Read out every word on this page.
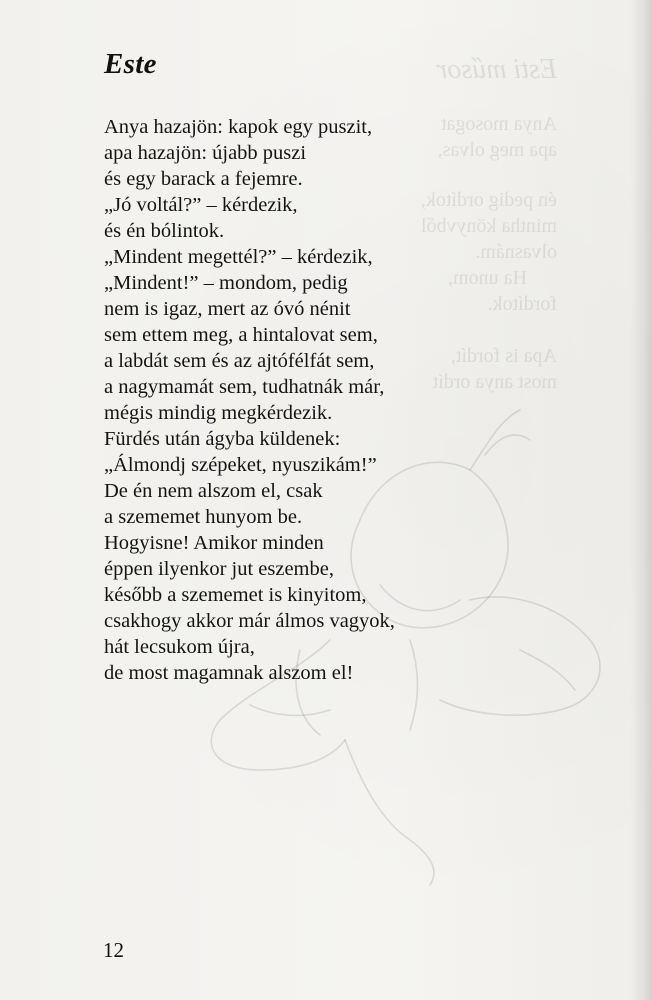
Esti műsor
Anya mosogat
apa meg olvas,
én pedig ordítok,
mintha könyvből
olvasnám.
Ha unom,
fordítok.
Apa is fordít,
most anya ordít
Este
Anya hazajön: kapok egy puszit,
apa hazajön: újabb puszi
és egy barack a fejemre.
„Jó voltál?” – kérdezik,
és én bólintok.
„Mindent megettél?” – kérdezik,
„Mindent!” – mondom, pedig
nem is igaz, mert az óvó nénit
sem ettem meg, a hintalovat sem,
a labdát sem és az ajtófélfát sem,
a nagymamát sem, tudhatnák már,
mégis mindig megkérdezik.
Fürdés után ágyba küldenek:
„Álmondj szépeket, nyuszikám!”
De én nem alszom el, csak
a szememet hunyom be.
Hogyisne! Amikor minden
éppen ilyenkor jut eszembe,
később a szememet is kinyitom,
csakhogy akkor már álmos vagyok,
hát lecsukom újra,
de most magamnak alszom el!
12
